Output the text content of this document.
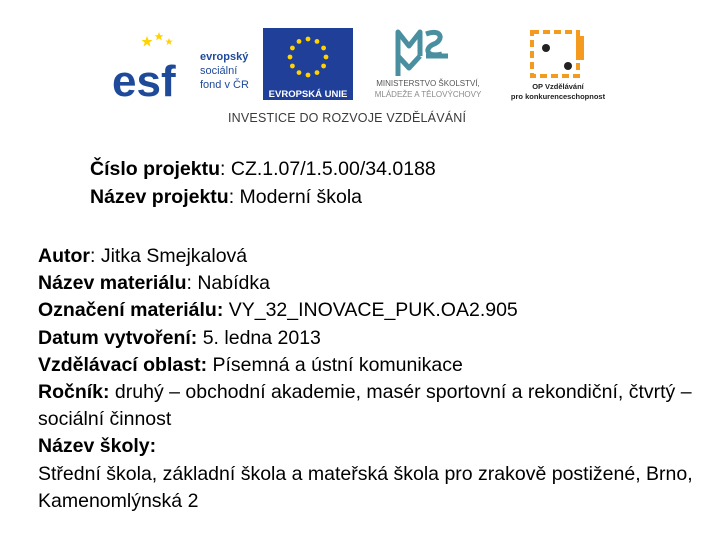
esf evropský
sociální
fond v ČR
EVROPSKÁ UNIE
MINISTERSTVO ŠKOLSTVÍ,
MLÁDEŽE A TĚLOVÝCHOVY
OP Vzdělávání
pro konkurenceschopnost
INVESTICE DO ROZVOJE VZDĚLÁVÁNÍ
Číslo projektu: CZ.1.07/1.5.00/34.0188
Název projektu: Moderní škola
Autor: Jitka Smejkalová
Název materiálu: Nabídka
Označení materiálu: VY_32_INOVACE_PUK.OA2.905
Datum vytvoření: 5. ledna 2013
Vzdělávací oblast: Písemná a ústní komunikace
Ročník: druhý – obchodní akademie, masér sportovní a rekondiční, čtvrtý – sociální činnost
Název školy:
Střední škola, základní škola a mateřská škola pro zrakově postižené, Brno, Kamenomlýnská 2
